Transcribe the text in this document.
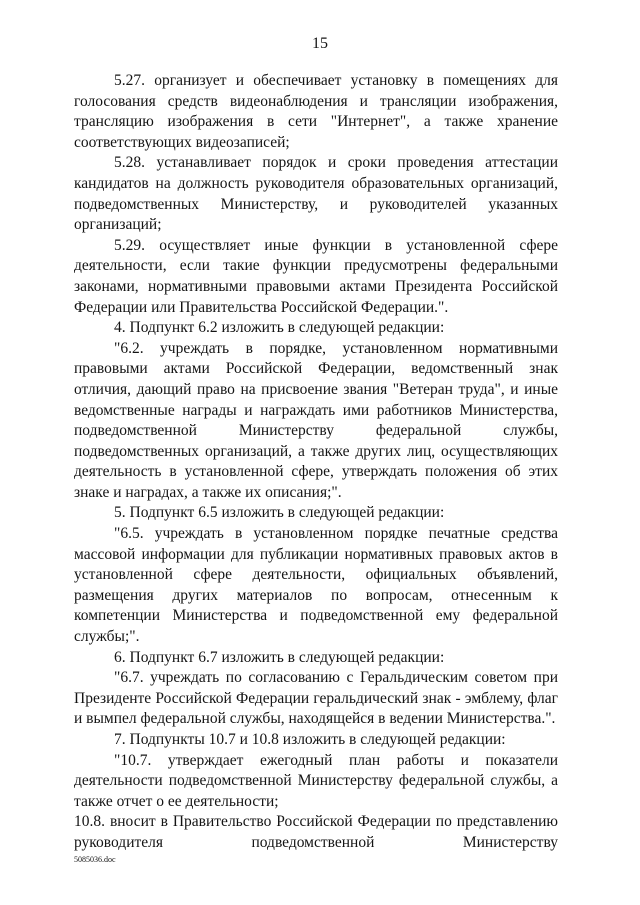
15

5.27. организует и обеспечивает установку в помещениях для голосования средств видеонаблюдения и трансляции изображения, трансляцию изображения в сети "Интернет", а также хранение соответствующих видеозаписей;

5.28. устанавливает порядок и сроки проведения аттестации кандидатов на должность руководителя образовательных организаций, подведомственных Министерству, и руководителей указанных организаций;

5.29. осуществляет иные функции в установленной сфере деятельности, если такие функции предусмотрены федеральными законами, нормативными правовыми актами Президента Российской Федерации или Правительства Российской Федерации.".

4. Подпункт 6.2 изложить в следующей редакции:

"6.2. учреждать в порядке, установленном нормативными правовыми актами Российской Федерации, ведомственный знак отличия, дающий право на присвоение звания "Ветеран труда", и иные ведомственные награды и награждать ими работников Министерства, подведомственной Министерству федеральной службы, подведомственных организаций, а также других лиц, осуществляющих деятельность в установленной сфере, утверждать положения об этих знаке и наградах, а также их описания;".

5. Подпункт 6.5 изложить в следующей редакции:

"6.5. учреждать в установленном порядке печатные средства массовой информации для публикации нормативных правовых актов в установленной сфере деятельности, официальных объявлений, размещения других материалов по вопросам, отнесенным к компетенции Министерства и подведомственной ему федеральной службы;".

6. Подпункт 6.7 изложить в следующей редакции:

"6.7. учреждать по согласованию с Геральдическим советом при Президенте Российской Федерации геральдический знак - эмблему, флаг и вымпел федеральной службы, находящейся в ведении Министерства.".

7. Подпункты 10.7 и 10.8 изложить в следующей редакции:

"10.7. утверждает ежегодный план работы и показатели деятельности подведомственной Министерству федеральной службы, а также отчет о ее деятельности;

10.8. вносит в Правительство Российской Федерации по представлению руководителя подведомственной Министерству

5085036.doc
